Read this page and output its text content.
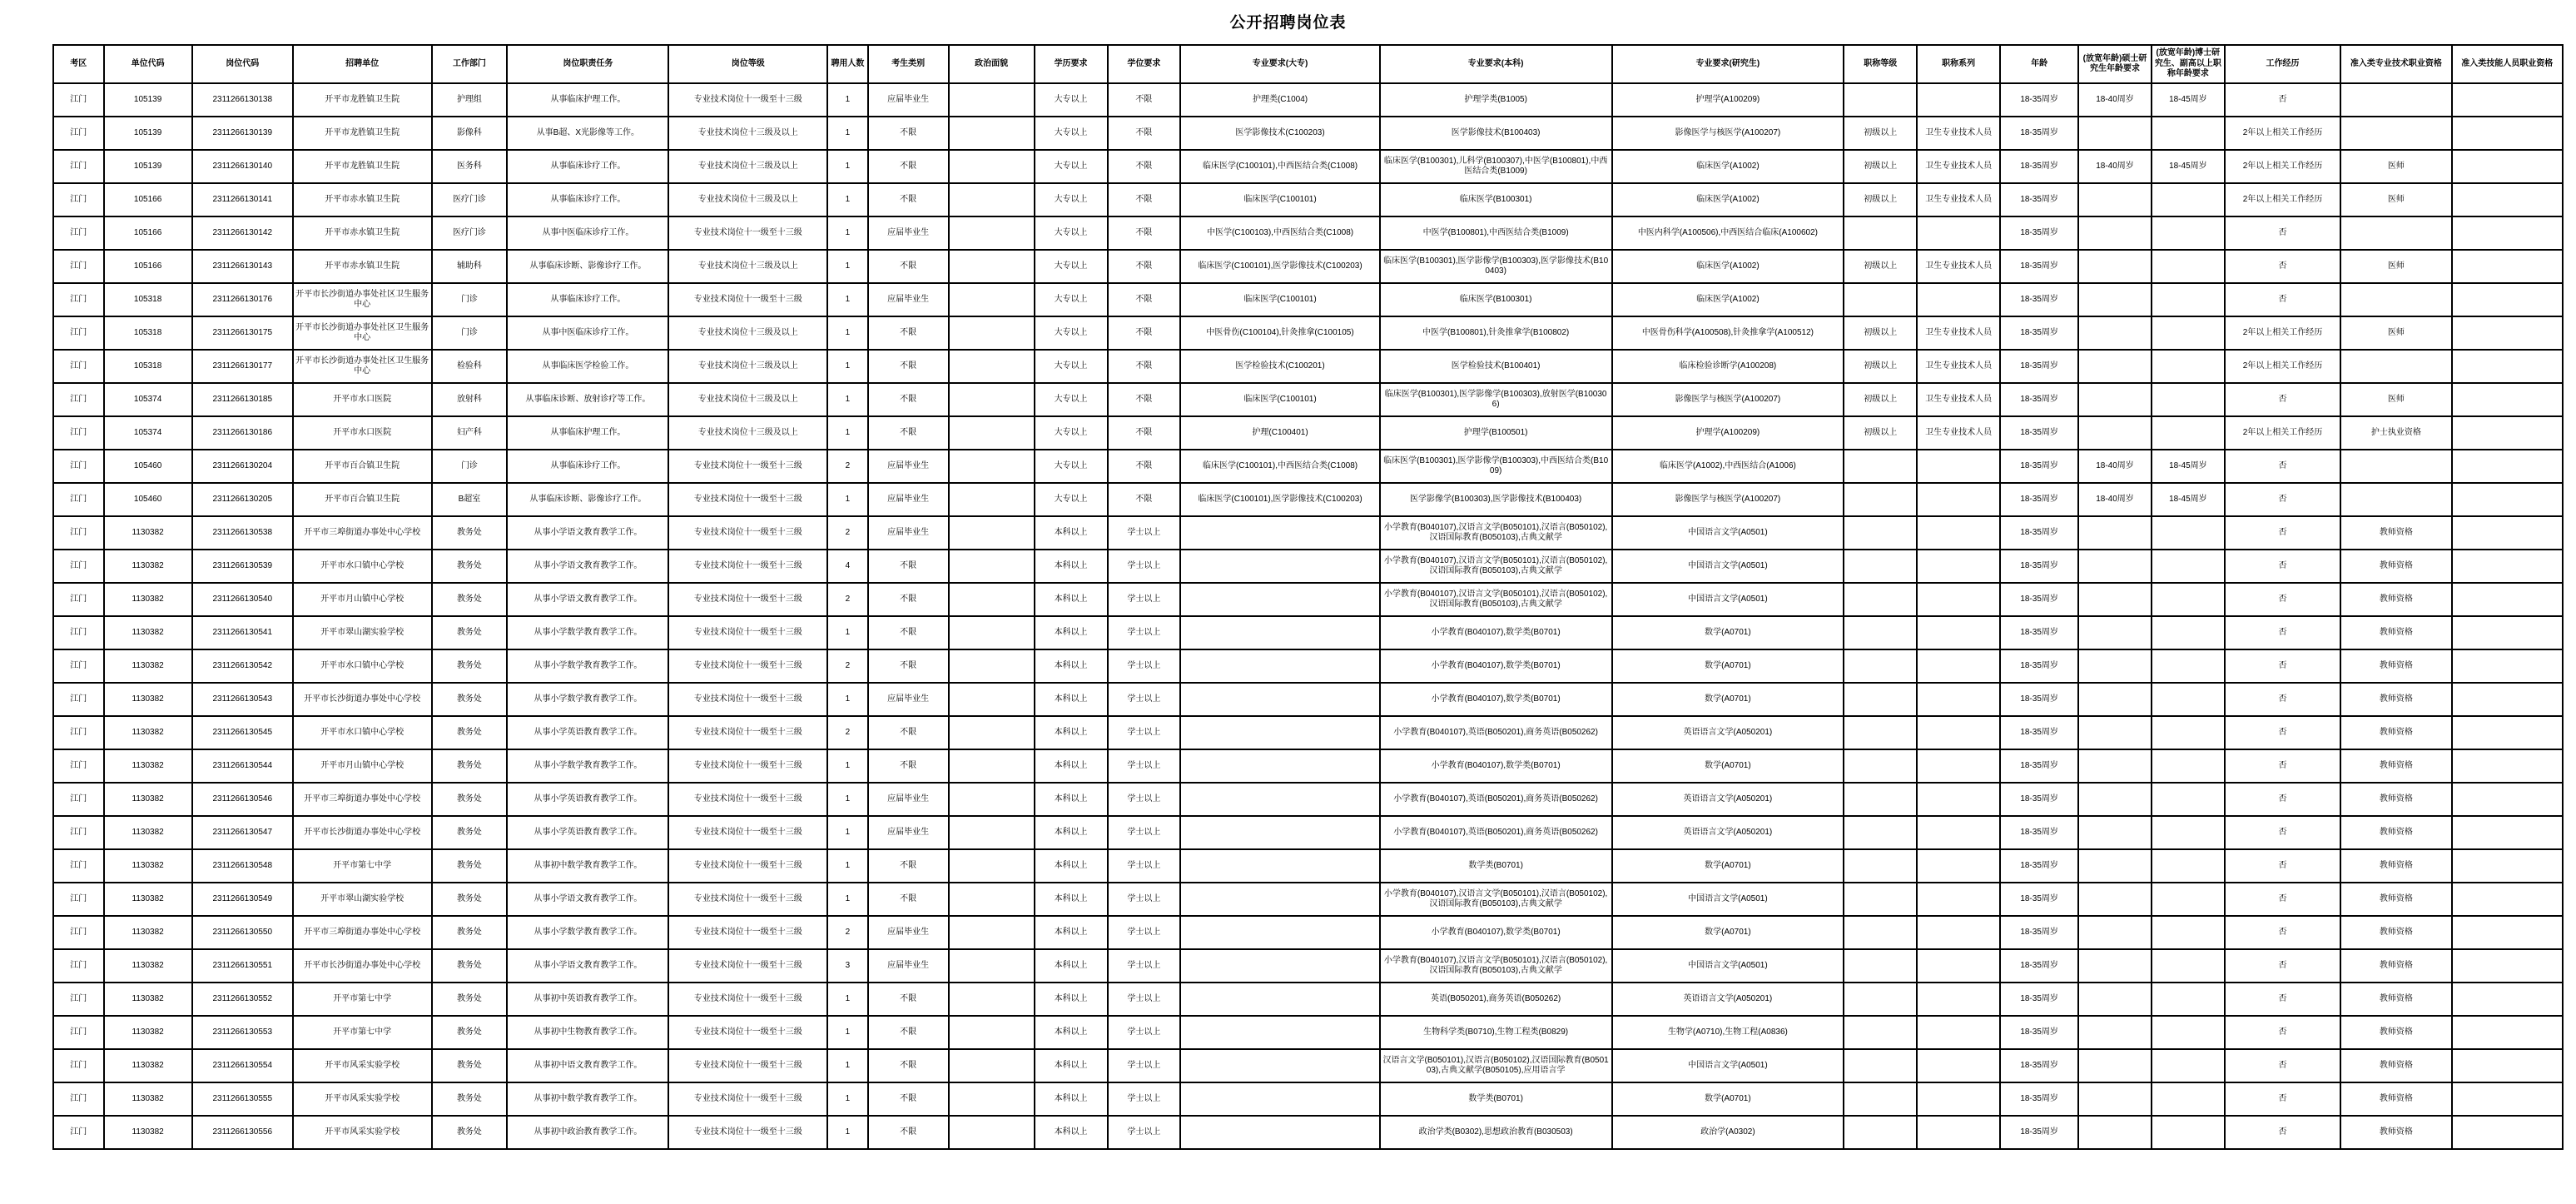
公开招聘岗位表
考区	单位代码	岗位代码	招聘单位	工作部门	岗位职责任务	岗位等级	聘用人数	考生类别	政治面貌	学历要求	学位要求	专业要求(大专)	专业要求(本科)	专业要求(研究生)	职称等级	职称系列	年龄	(放宽年龄)硕士研究生年龄要求	(放宽年龄)博士研究生、副高以上职称年龄要求	工作经历	准入类专业技术职业资格	准入类技能人员职业资格
江门	105139	2311266130138	开平市龙胜镇卫生院	护理组	从事临床护理工作。	专业技术岗位十一级至十三级	1	应届毕业生		大专以上	不限	护理类(C1004)	护理学类(B1005)	护理学(A100209)			18-35周岁	18-40周岁	18-45周岁	否		
江门	105139	2311266130139	开平市龙胜镇卫生院	影像科	从事B超、X光影像等工作。	专业技术岗位十三级及以上	1	不限		大专以上	不限	医学影像技术(C100203)	医学影像技术(B100403)	影像医学与核医学(A100207)	初级以上	卫生专业技术人员	18-35周岁			2年以上相关工作经历		
江门	105139	2311266130140	开平市龙胜镇卫生院	医务科	从事临床诊疗工作。	专业技术岗位十三级及以上	1	不限		大专以上	不限	临床医学(C100101),中西医结合类(C1008)	临床医学(B100301),儿科学(B100307),中医学(B100801),中西医结合类(B1009)	临床医学(A1002)	初级以上	卫生专业技术人员	18-35周岁	18-40周岁	18-45周岁	2年以上相关工作经历	医师	
江门	105166	2311266130141	开平市赤水镇卫生院	医疗门诊	从事临床诊疗工作。	专业技术岗位十三级及以上	1	不限		大专以上	不限	临床医学(C100101)	临床医学(B100301)	临床医学(A1002)	初级以上	卫生专业技术人员	18-35周岁			2年以上相关工作经历	医师	
江门	105166	2311266130142	开平市赤水镇卫生院	医疗门诊	从事中医临床诊疗工作。	专业技术岗位十一级至十三级	1	应届毕业生		大专以上	不限	中医学(C100103),中西医结合类(C1008)	中医学(B100801),中西医结合类(B1009)	中医内科学(A100506),中西医结合临床(A100602)			18-35周岁			否		
江门	105166	2311266130143	开平市赤水镇卫生院	辅助科	从事临床诊断、影像诊疗工作。	专业技术岗位十三级及以上	1	不限		大专以上	不限	临床医学(C100101),医学影像技术(C100203)	临床医学(B100301),医学影像学(B100303),医学影像技术(B100403)	临床医学(A1002)	初级以上	卫生专业技术人员	18-35周岁			否	医师	
江门	105318	2311266130176	开平市长沙街道办事处社区卫生服务中心	门诊	从事临床诊疗工作。	专业技术岗位十一级至十三级	1	应届毕业生		大专以上	不限	临床医学(C100101)	临床医学(B100301)	临床医学(A1002)			18-35周岁			否		
江门	105318	2311266130175	开平市长沙街道办事处社区卫生服务中心	门诊	从事中医临床诊疗工作。	专业技术岗位十三级及以上	1	不限		大专以上	不限	中医骨伤(C100104),针灸推拿(C100105)	中医学(B100801),针灸推拿学(B100802)	中医骨伤科学(A100508),针灸推拿学(A100512)	初级以上	卫生专业技术人员	18-35周岁			2年以上相关工作经历	医师	
江门	105318	2311266130177	开平市长沙街道办事处社区卫生服务中心	检验科	从事临床医学检验工作。	专业技术岗位十三级及以上	1	不限		大专以上	不限	医学检验技术(C100201)	医学检验技术(B100401)	临床检验诊断学(A100208)	初级以上	卫生专业技术人员	18-35周岁			2年以上相关工作经历		
江门	105374	2311266130185	开平市水口医院	放射科	从事临床诊断、放射诊疗等工作。	专业技术岗位十三级及以上	1	不限		大专以上	不限	临床医学(C100101)	临床医学(B100301),医学影像学(B100303),放射医学(B100306)	影像医学与核医学(A100207)	初级以上	卫生专业技术人员	18-35周岁			否	医师	
江门	105374	2311266130186	开平市水口医院	妇产科	从事临床护理工作。	专业技术岗位十三级及以上	1	不限		大专以上	不限	护理(C100401)	护理学(B100501)	护理学(A100209)	初级以上	卫生专业技术人员	18-35周岁			2年以上相关工作经历	护士执业资格	
江门	105460	2311266130204	开平市百合镇卫生院	门诊	从事临床诊疗工作。	专业技术岗位十一级至十三级	2	应届毕业生		大专以上	不限	临床医学(C100101),中西医结合类(C1008)	临床医学(B100301),医学影像学(B100303),中西医结合类(B1009)	临床医学(A1002),中西医结合(A1006)			18-35周岁	18-40周岁	18-45周岁	否		
江门	105460	2311266130205	开平市百合镇卫生院	B超室	从事临床诊断、影像诊疗工作。	专业技术岗位十一级至十三级	1	应届毕业生		大专以上	不限	临床医学(C100101),医学影像技术(C100203)	医学影像学(B100303),医学影像技术(B100403)	影像医学与核医学(A100207)			18-35周岁	18-40周岁	18-45周岁	否		
江门	1130382	2311266130538	开平市三埠街道办事处中心学校	教务处	从事小学语文教育教学工作。	专业技术岗位十一级至十三级	2	应届毕业生		本科以上	学士以上		小学教育(B040107),汉语言文学(B050101),汉语言(B050102),汉语国际教育(B050103),古典文献学	中国语言文学(A0501)			18-35周岁			否	教师资格	
江门	1130382	2311266130539	开平市水口镇中心学校	教务处	从事小学语文教育教学工作。	专业技术岗位十一级至十三级	4	不限		本科以上	学士以上		小学教育(B040107),汉语言文学(B050101),汉语言(B050102),汉语国际教育(B050103),古典文献学	中国语言文学(A0501)			18-35周岁			否	教师资格	
江门	1130382	2311266130540	开平市月山镇中心学校	教务处	从事小学语文教育教学工作。	专业技术岗位十一级至十三级	2	不限		本科以上	学士以上		小学教育(B040107),汉语言文学(B050101),汉语言(B050102),汉语国际教育(B050103),古典文献学	中国语言文学(A0501)			18-35周岁			否	教师资格	
江门	1130382	2311266130541	开平市翠山湖实验学校	教务处	从事小学数学教育教学工作。	专业技术岗位十一级至十三级	1	不限		本科以上	学士以上		小学教育(B040107),数学类(B0701)	数学(A0701)			18-35周岁			否	教师资格	
江门	1130382	2311266130542	开平市水口镇中心学校	教务处	从事小学数学教育教学工作。	专业技术岗位十一级至十三级	2	不限		本科以上	学士以上		小学教育(B040107),数学类(B0701)	数学(A0701)			18-35周岁			否	教师资格	
江门	1130382	2311266130543	开平市长沙街道办事处中心学校	教务处	从事小学数学教育教学工作。	专业技术岗位十一级至十三级	1	应届毕业生		本科以上	学士以上		小学教育(B040107),数学类(B0701)	数学(A0701)			18-35周岁			否	教师资格	
江门	1130382	2311266130545	开平市水口镇中心学校	教务处	从事小学英语教育教学工作。	专业技术岗位十一级至十三级	2	不限		本科以上	学士以上		小学教育(B040107),英语(B050201),商务英语(B050262)	英语语言文学(A050201)			18-35周岁			否	教师资格	
江门	1130382	2311266130544	开平市月山镇中心学校	教务处	从事小学数学教育教学工作。	专业技术岗位十一级至十三级	1	不限		本科以上	学士以上		小学教育(B040107),数学类(B0701)	数学(A0701)			18-35周岁			否	教师资格	
江门	1130382	2311266130546	开平市三埠街道办事处中心学校	教务处	从事小学英语教育教学工作。	专业技术岗位十一级至十三级	1	应届毕业生		本科以上	学士以上		小学教育(B040107),英语(B050201),商务英语(B050262)	英语语言文学(A050201)			18-35周岁			否	教师资格	
江门	1130382	2311266130547	开平市长沙街道办事处中心学校	教务处	从事小学英语教育教学工作。	专业技术岗位十一级至十三级	1	应届毕业生		本科以上	学士以上		小学教育(B040107),英语(B050201),商务英语(B050262)	英语语言文学(A050201)			18-35周岁			否	教师资格	
江门	1130382	2311266130548	开平市第七中学	教务处	从事初中数学教育教学工作。	专业技术岗位十一级至十三级	1	不限		本科以上	学士以上		数学类(B0701)	数学(A0701)			18-35周岁			否	教师资格	
江门	1130382	2311266130549	开平市翠山湖实验学校	教务处	从事小学语文教育教学工作。	专业技术岗位十一级至十三级	1	不限		本科以上	学士以上		小学教育(B040107),汉语言文学(B050101),汉语言(B050102),汉语国际教育(B050103),古典文献学	中国语言文学(A0501)			18-35周岁			否	教师资格	
江门	1130382	2311266130550	开平市三埠街道办事处中心学校	教务处	从事小学数学教育教学工作。	专业技术岗位十一级至十三级	2	应届毕业生		本科以上	学士以上		小学教育(B040107),数学类(B0701)	数学(A0701)			18-35周岁			否	教师资格	
江门	1130382	2311266130551	开平市长沙街道办事处中心学校	教务处	从事小学语文教育教学工作。	专业技术岗位十一级至十三级	3	应届毕业生		本科以上	学士以上		小学教育(B040107),汉语言文学(B050101),汉语言(B050102),汉语国际教育(B050103),古典文献学	中国语言文学(A0501)			18-35周岁			否	教师资格	
江门	1130382	2311266130552	开平市第七中学	教务处	从事初中英语教育教学工作。	专业技术岗位十一级至十三级	1	不限		本科以上	学士以上		英语(B050201),商务英语(B050262)	英语语言文学(A050201)			18-35周岁			否	教师资格	
江门	1130382	2311266130553	开平市第七中学	教务处	从事初中生物教育教学工作。	专业技术岗位十一级至十三级	1	不限		本科以上	学士以上		生物科学类(B0710),生物工程类(B0829)	生物学(A0710),生物工程(A0836)			18-35周岁			否	教师资格	
江门	1130382	2311266130554	开平市风采实验学校	教务处	从事初中语文教育教学工作。	专业技术岗位十一级至十三级	1	不限		本科以上	学士以上		汉语言文学(B050101),汉语言(B050102),汉语国际教育(B050103),古典文献学(B050105),应用语言学	中国语言文学(A0501)			18-35周岁			否	教师资格	
江门	1130382	2311266130555	开平市风采实验学校	教务处	从事初中数学教育教学工作。	专业技术岗位十一级至十三级	1	不限		本科以上	学士以上		数学类(B0701)	数学(A0701)			18-35周岁			否	教师资格	
江门	1130382	2311266130556	开平市风采实验学校	教务处	从事初中政治教育教学工作。	专业技术岗位十一级至十三级	1	不限		本科以上	学士以上		政治学类(B0302),思想政治教育(B030503)	政治学(A0302)			18-35周岁			否	教师资格	
